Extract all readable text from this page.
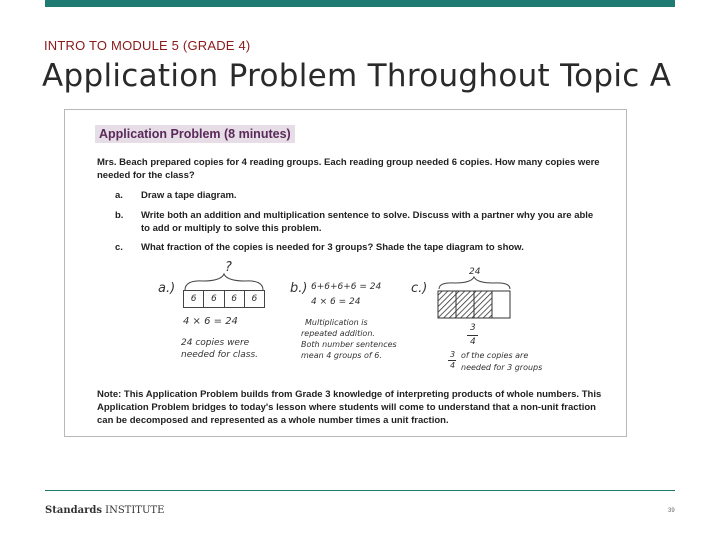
INTRO TO MODULE 5 (GRADE 4)
Application Problem Throughout Topic A
Application Problem (8 minutes)
Mrs. Beach prepared copies for 4 reading groups. Each reading group needed 6 copies. How many copies were needed for the class?
a. Draw a tape diagram.
b. Write both an addition and multiplication sentence to solve. Discuss with a partner why you are able to add or multiply to solve this problem.
c. What fraction of the copies is needed for 3 groups? Shade the tape diagram to show.
a.)
?
6	6	6	6
4 × 6 = 24
24 copies were
needed for class.
b.) 6+6+6+6 = 24
4 × 6 = 24
Multiplication is
repeated addition.
Both number sentences
mean 4 groups of 6.
c.)
24
3
4
3
4
of the copies are
needed for 3 groups
Note: This Application Problem builds from Grade 3 knowledge of interpreting products of whole numbers. This Application Problem bridges to today's lesson where students will come to understand that a non-unit fraction can be decomposed and represented as a whole number times a unit fraction.
Standards INSTITUTE	39
